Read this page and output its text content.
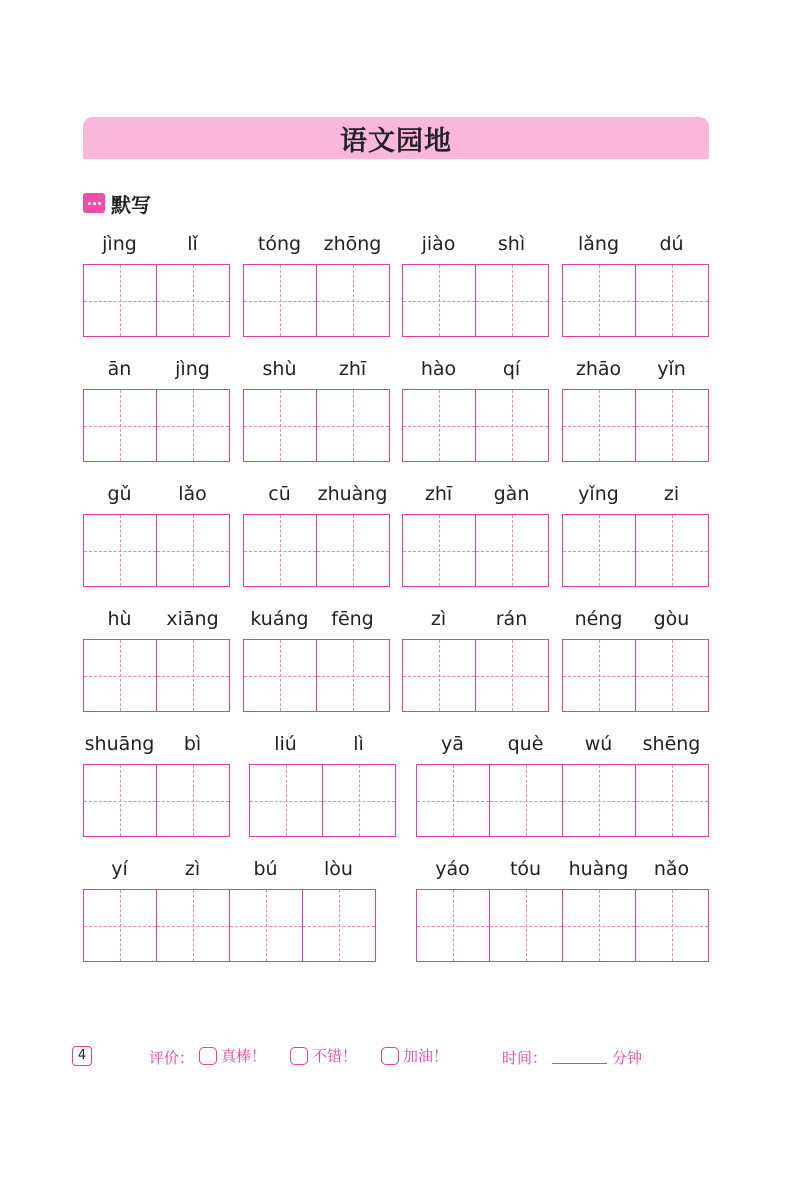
语文园地
默写
jìng	lǐ	tóng	zhōng	jiào	shì	lǎng	dú
ān	jìng	shù	zhī	hào	qí	zhāo	yǐn
gǔ	lǎo	cū	zhuàng	zhī	gàn	yǐng	zi
hù	xiāng	kuáng	fēng	zì	rán	néng	gòu
shuāng	bì	liú	lì	yā	què	wú	shēng
yí	zì	bú	lòu	yáo	tóu	huàng	nǎo
4	评价： 真棒！	不错！	加油！	时间：	分钟
